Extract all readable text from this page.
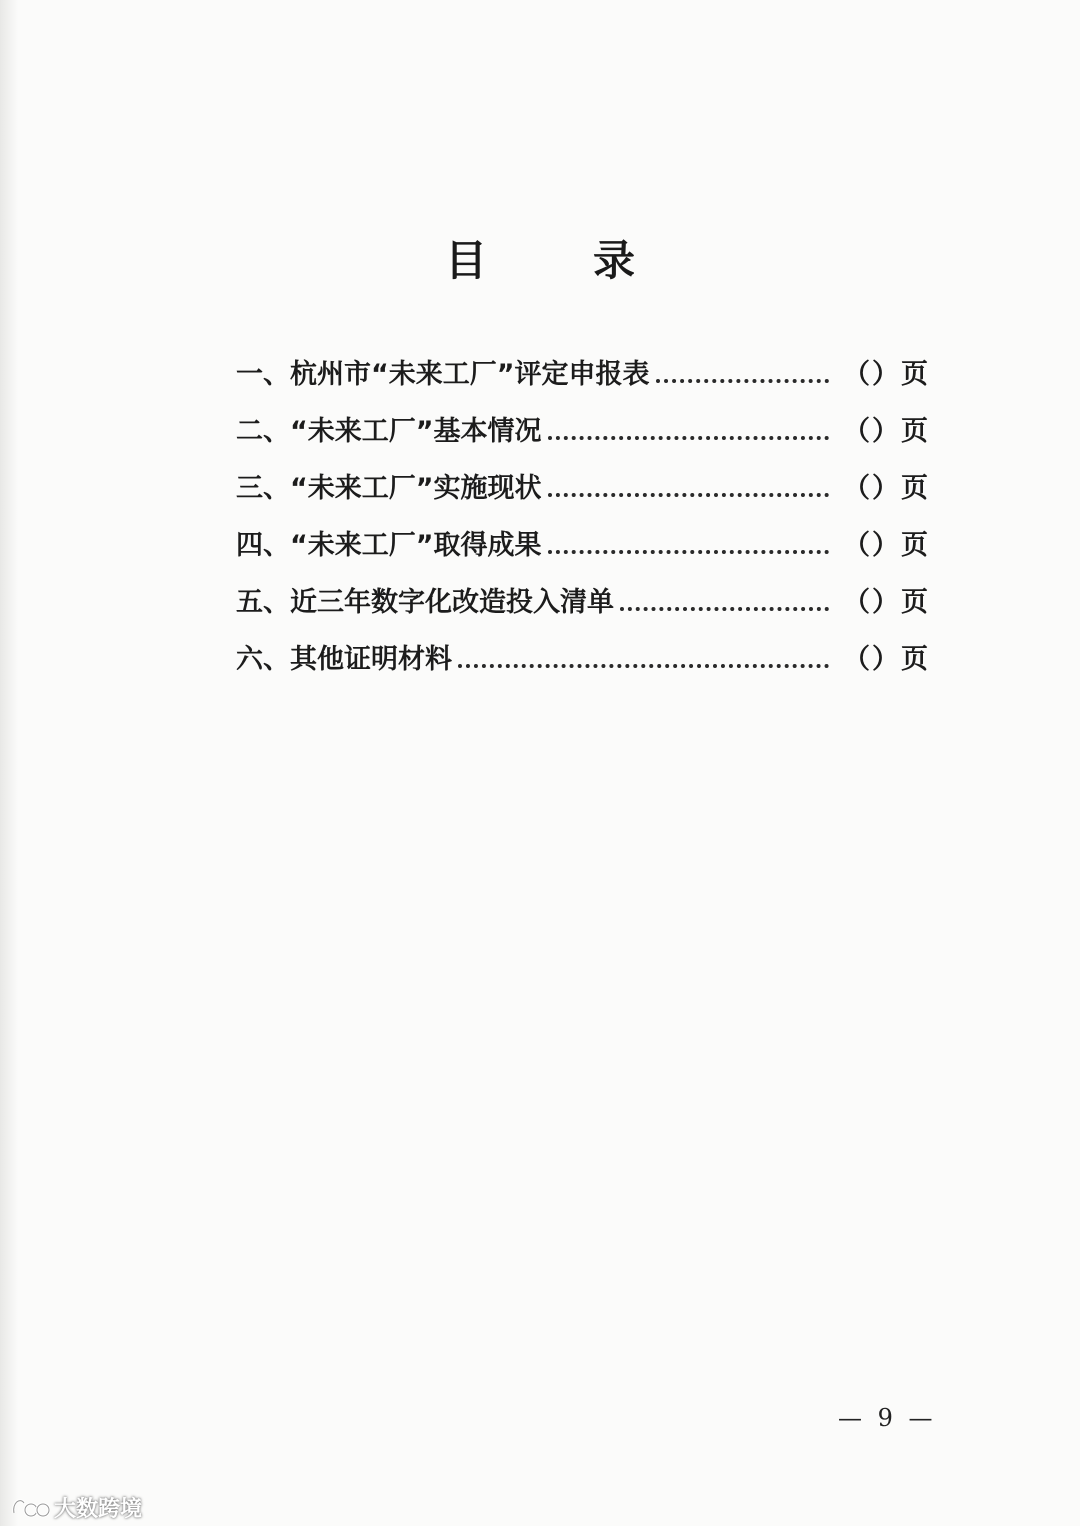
目　录
一、杭州市“未来工厂”评定申报表	（）页
二、“未来工厂”基本情况	（）页
三、“未来工厂”实施现状	（）页
四、“未来工厂”取得成果	（）页
五、近三年数字化改造投入清单	（）页
六、其他证明材料	（）页
— 9 —
大数跨境
